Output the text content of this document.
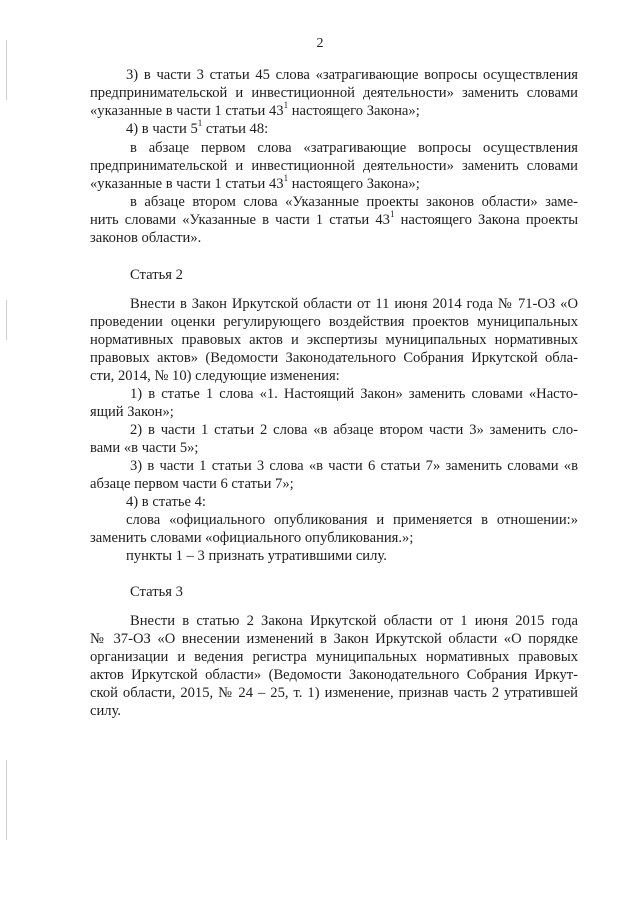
2
3) в части 3 статьи 45 слова «затрагивающие вопросы осуществления
предпринимательской и инвестиционной деятельности» заменить словами
«указанные в части 1 статьи $43^1$ настоящего Закона»;
4) в части $5^1$ статьи 48:
в абзаце первом слова «затрагивающие вопросы осуществления
предпринимательской и инвестиционной деятельности» заменить словами
«указанные в части 1 статьи $43^1$ настоящего Закона»;
в абзаце втором слова «Указанные проекты законов области» заме-
нить словами «Указанные в части 1 статьи $43^1$ настоящего Закона проекты
законов области».
Статья 2
Внести в Закон Иркутской области от 11 июня 2014 года № 71-ОЗ «О
проведении оценки регулирующего воздействия проектов муниципальных
нормативных правовых актов и экспертизы муниципальных нормативных
правовых актов» (Ведомости Законодательного Собрания Иркутской обла-
сти, 2014, № 10) следующие изменения:
1) в статье 1 слова «1. Настоящий Закон» заменить словами «Насто-
ящий Закон»;
2) в части 1 статьи 2 слова «в абзаце втором части 3» заменить сло-
вами «в части 5»;
3) в части 1 статьи 3 слова «в части 6 статьи 7» заменить словами «в
абзаце первом части 6 статьи 7»;
4) в статье 4:
слова «официального опубликования и применяется в отношении:»
заменить словами «официального опубликования.»;
пункты 1 – 3 признать утратившими силу.
Статья 3
Внести в статью 2 Закона Иркутской области от 1 июня 2015 года
№ 37-ОЗ «О внесении изменений в Закон Иркутской области «О порядке
организации и ведения регистра муниципальных нормативных правовых
актов Иркутской области» (Ведомости Законодательного Собрания Иркут-
ской области, 2015, № 24 – 25, т. 1) изменение, признав часть 2 утратившей
силу.
